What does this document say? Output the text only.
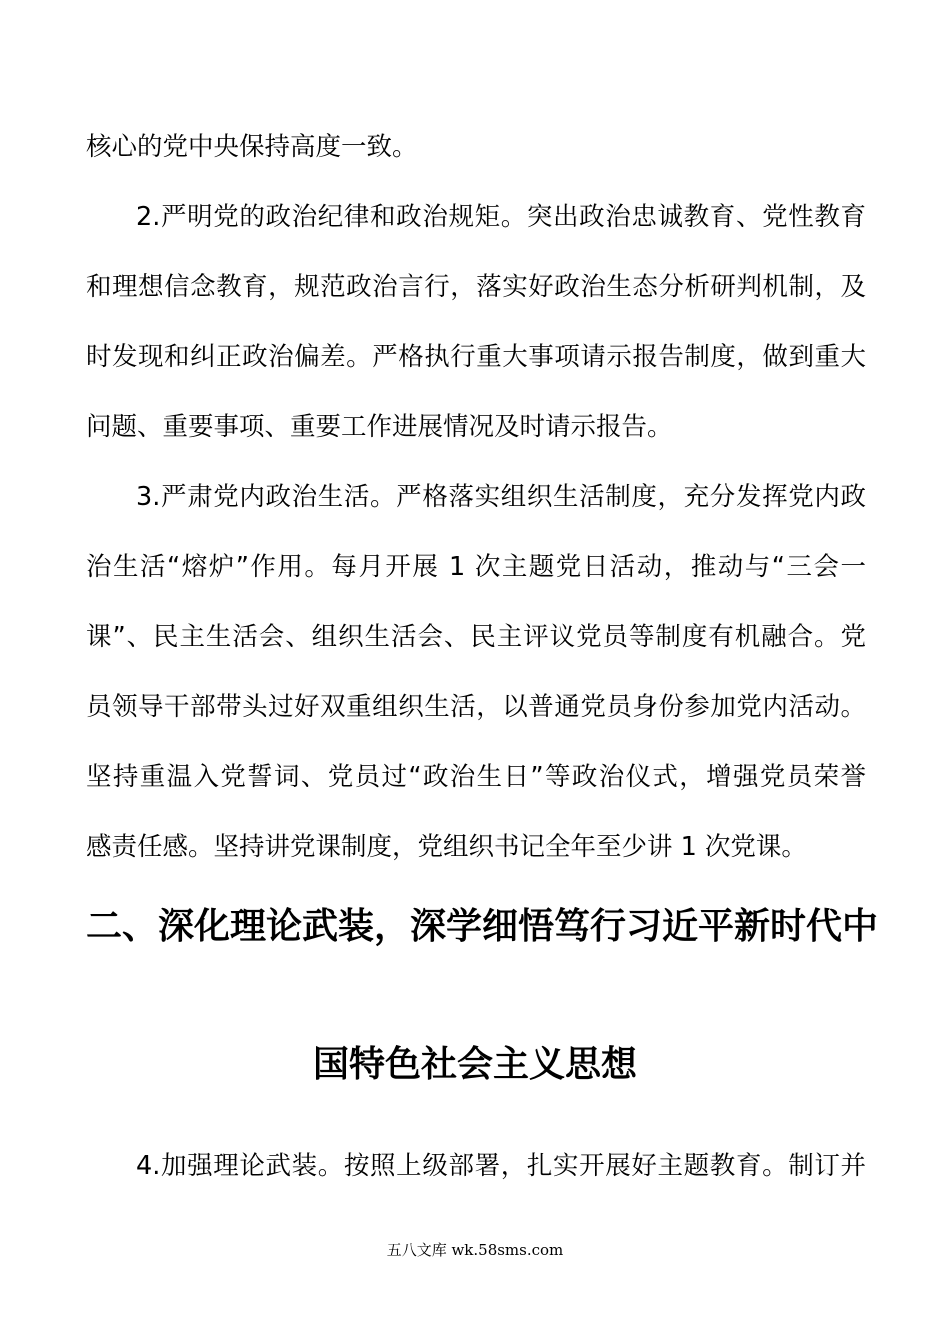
核心的党中央保持高度一致。
2.严明党的政治纪律和政治规矩。突出政治忠诚教育、党性教育
和理想信念教育，规范政治言行，落实好政治生态分析研判机制，及
时发现和纠正政治偏差。严格执行重大事项请示报告制度，做到重大
问题、重要事项、重要工作进展情况及时请示报告。
3.严肃党内政治生活。严格落实组织生活制度，充分发挥党内政
治生活“熔炉”作用。每月开展 1 次主题党日活动，推动与“三会一
课”、民主生活会、组织生活会、民主评议党员等制度有机融合。党
员领导干部带头过好双重组织生活，以普通党员身份参加党内活动。
坚持重温入党誓词、党员过“政治生日”等政治仪式，增强党员荣誉
感责任感。坚持讲党课制度，党组织书记全年至少讲 1 次党课。
二、深化理论武装，深学细悟笃行习近平新时代中
国特色社会主义思想
4.加强理论武装。按照上级部署，扎实开展好主题教育。制订并
五八文库 wk.58sms.com
